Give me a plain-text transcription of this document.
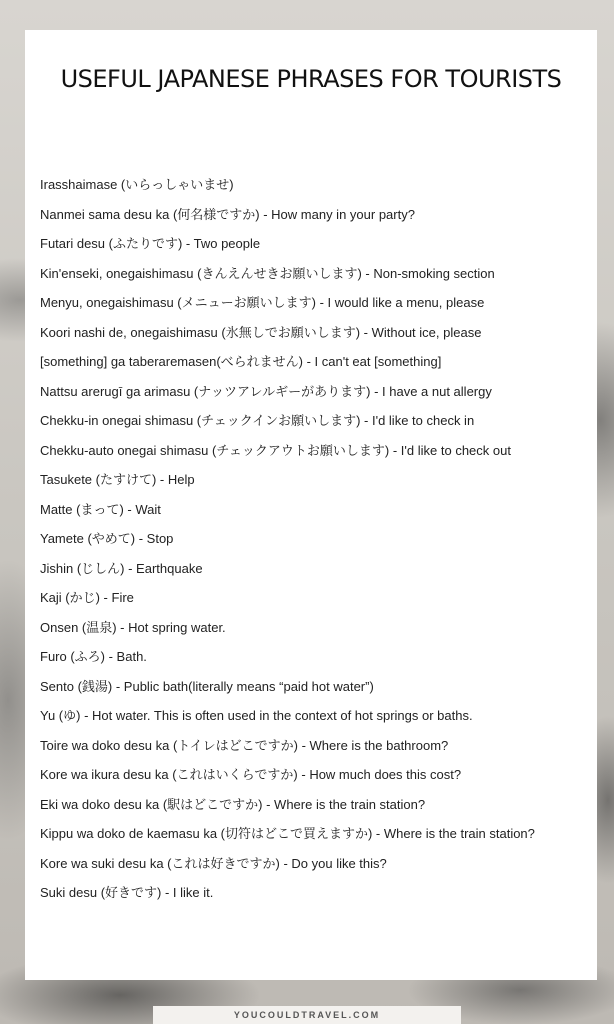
USEFUL JAPANESE PHRASES FOR TOURISTS
Irasshaimase (いらっしゃいませ)
Nanmei sama desu ka (何名様ですか) - How many in your party?
Futari desu (ふたりです) - Two people
Kin'enseki, onegaishimasu (きんえんせきお願いします) - Non-smoking section
Menyu, onegaishimasu (メニューお願いします) - I would like a menu, please
Koori nashi de, onegaishimasu (氷無しでお願いします) - Without ice, please
[something] ga taberaremasen(べられません) - I can't eat [something]
Nattsu arerugī ga arimasu (ナッツアレルギーがあります) - I have a nut allergy
Chekku-in onegai shimasu (チェックインお願いします) - I'd like to check in
Chekku-auto onegai shimasu (チェックアウトお願いします) - I'd like to check out
Tasukete (たすけて) - Help
Matte (まって) - Wait
Yamete (やめて) - Stop
Jishin (じしん) - Earthquake
Kaji (かじ) - Fire
Onsen (温泉) - Hot spring water.
Furo (ふろ) - Bath.
Sento (銭湯) - Public bath(literally means “paid hot water”)
Yu (ゆ) - Hot water. This is often used in the context of hot springs or baths.
Toire wa doko desu ka (トイレはどこですか) - Where is the bathroom?
Kore wa ikura desu ka (これはいくらですか) - How much does this cost?
Eki wa doko desu ka (駅はどこですか) - Where is the train station?
Kippu wa doko de kaemasu ka (切符はどこで買えますか) - Where is the train station?
Kore wa suki desu ka (これは好きですか) - Do you like this?
Suki desu (好きです) - I like it.
YOUCOULDTRAVEL.COM
